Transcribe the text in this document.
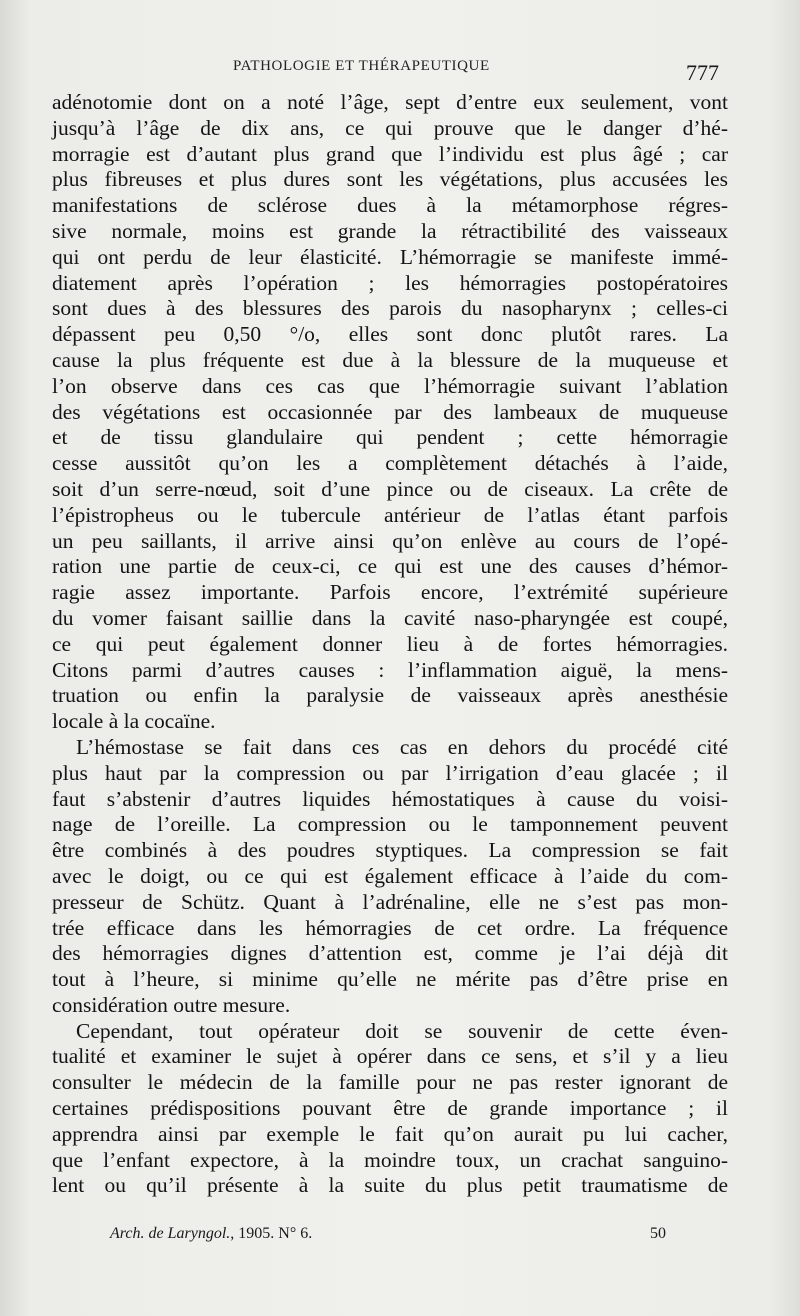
PATHOLOGIE ET THÉRAPEUTIQUE	777
adénotomie dont on a noté l’âge, sept d’entre eux seulement, vont
jusqu’à l’âge de dix ans, ce qui prouve que le danger d’hé-
morragie est d’autant plus grand que l’individu est plus âgé ; car
plus fibreuses et plus dures sont les végétations, plus accusées les
manifestations de sclérose dues à la métamorphose régres-
sive normale, moins est grande la rétractibilité des vaisseaux
qui ont perdu de leur élasticité. L’hémorragie se manifeste immé-
diatement après l’opération ; les hémorragies postopératoires
sont dues à des blessures des parois du nasopharynx ; celles-ci
dépassent peu 0,50 °/o, elles sont donc plutôt rares. La
cause la plus fréquente est due à la blessure de la muqueuse et
l’on observe dans ces cas que l’hémorragie suivant l’ablation
des végétations est occasionnée par des lambeaux de muqueuse
et de tissu glandulaire qui pendent ; cette hémorragie
cesse aussitôt qu’on les a complètement détachés à l’aide,
soit d’un serre-nœud, soit d’une pince ou de ciseaux. La crête de
l’épistropheus ou le tubercule antérieur de l’atlas étant parfois
un peu saillants, il arrive ainsi qu’on enlève au cours de l’opé-
ration une partie de ceux-ci, ce qui est une des causes d’hémor-
ragie assez importante. Parfois encore, l’extrémité supérieure
du vomer faisant saillie dans la cavité naso-pharyngée est coupé,
ce qui peut également donner lieu à de fortes hémorragies.
Citons parmi d’autres causes : l’inflammation aiguë, la mens-
truation ou enfin la paralysie de vaisseaux après anesthésie
locale à la cocaïne.
L’hémostase se fait dans ces cas en dehors du procédé cité
plus haut par la compression ou par l’irrigation d’eau glacée ; il
faut s’abstenir d’autres liquides hémostatiques à cause du voisi-
nage de l’oreille. La compression ou le tamponnement peuvent
être combinés à des poudres styptiques. La compression se fait
avec le doigt, ou ce qui est également efficace à l’aide du com-
presseur de Schütz. Quant à l’adrénaline, elle ne s’est pas mon-
trée efficace dans les hémorragies de cet ordre. La fréquence
des hémorragies dignes d’attention est, comme je l’ai déjà dit
tout à l’heure, si minime qu’elle ne mérite pas d’être prise en
considération outre mesure.
Cependant, tout opérateur doit se souvenir de cette éven-
tualité et examiner le sujet à opérer dans ce sens, et s’il y a lieu
consulter le médecin de la famille pour ne pas rester ignorant de
certaines prédispositions pouvant être de grande importance ; il
apprendra ainsi par exemple le fait qu’on aurait pu lui cacher,
que l’enfant expectore, à la moindre toux, un crachat sanguino-
lent ou qu’il présente à la suite du plus petit traumatisme de
Arch. de Laryngol., 1905. N° 6.	50
